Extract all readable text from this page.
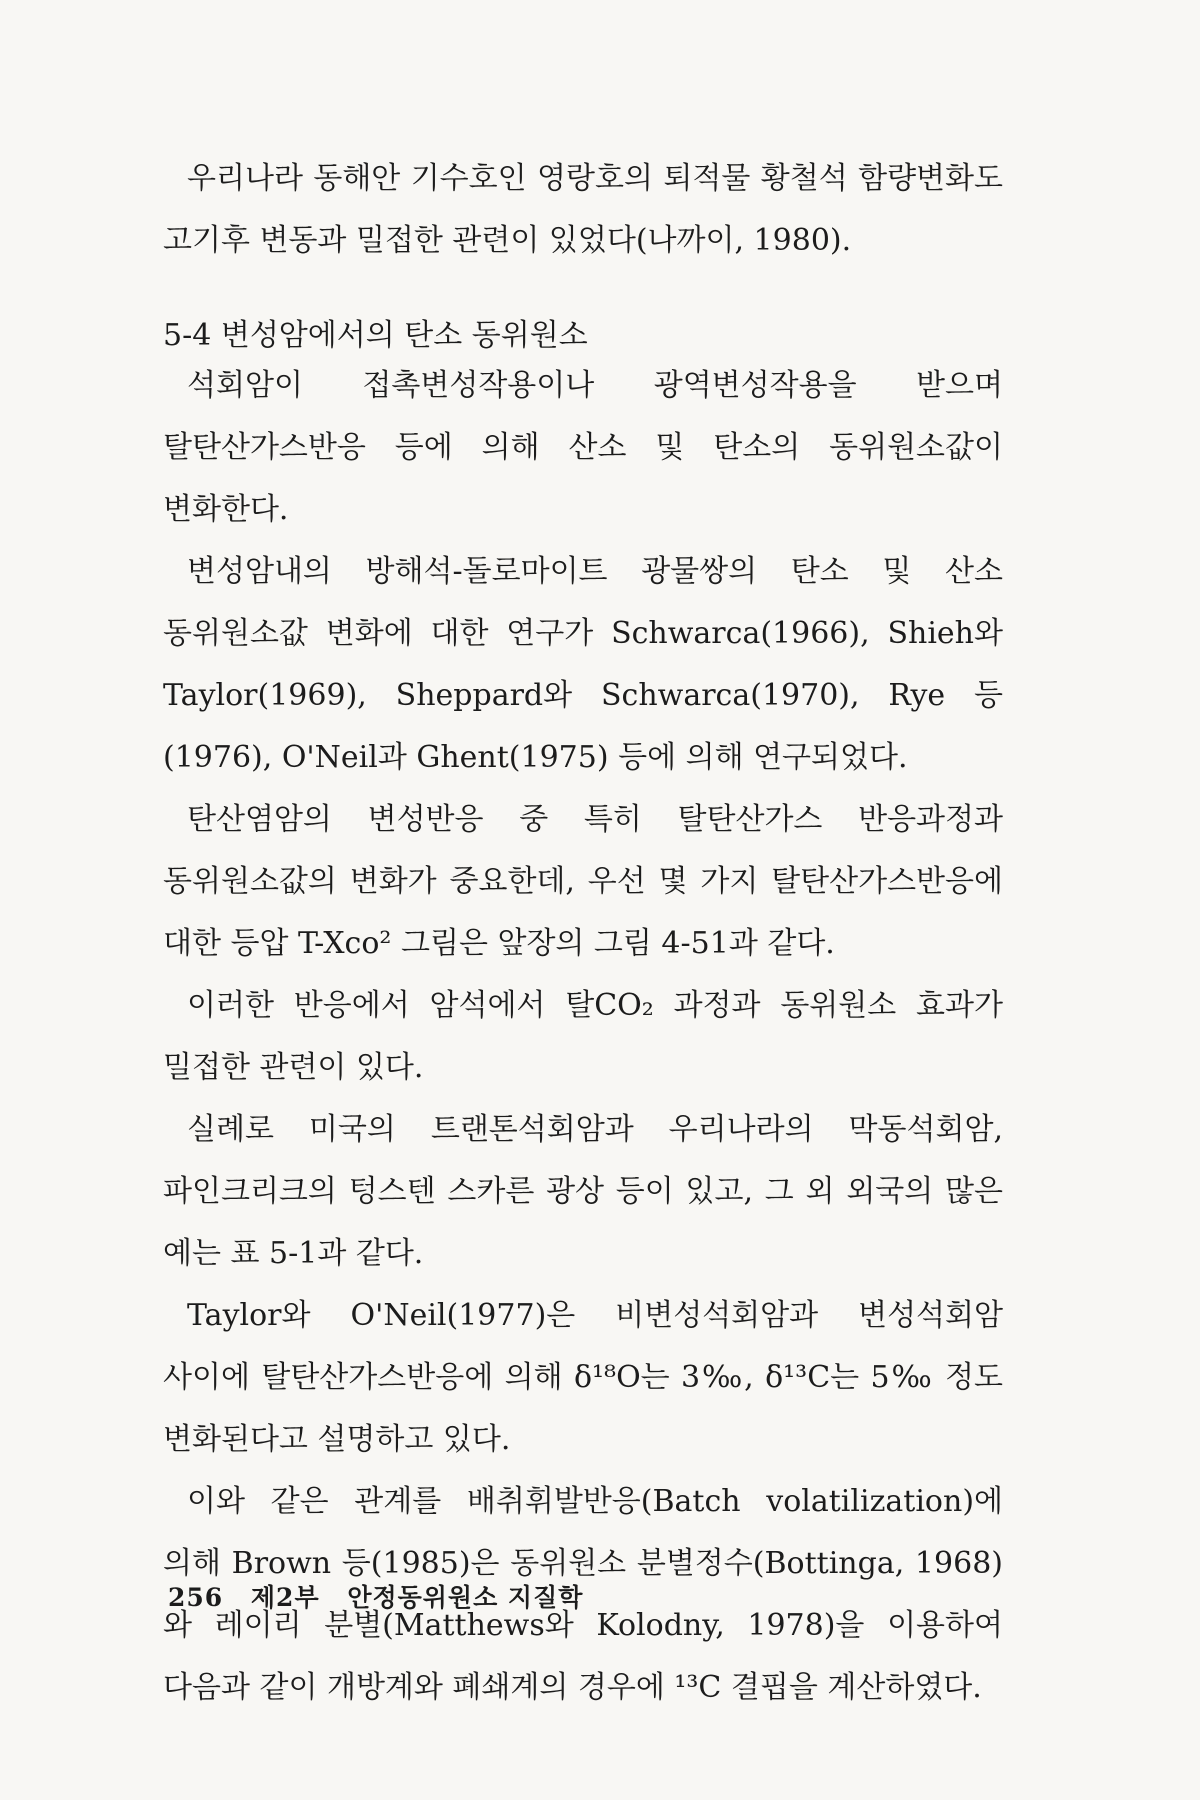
우리나라 동해안 기수호인 영랑호의 퇴적물 황철석 함량변화도 고기후 변동과 밀접한 관련이 있었다(나까이, 1980).

5-4 변성암에서의 탄소 동위원소

석회암이 접촉변성작용이나 광역변성작용을 받으며 탈탄산가스반응 등에 의해 산소 및 탄소의 동위원소값이 변화한다.

변성암내의 방해석-돌로마이트 광물쌍의 탄소 및 산소 동위원소값 변화에 대한 연구가 Schwarca(1966), Shieh와 Taylor(1969), Sheppard와 Schwarca(1970), Rye 등(1976), O'Neil과 Ghent(1975) 등에 의해 연구되었다.

탄산염암의 변성반응 중 특히 탈탄산가스 반응과정과 동위원소값의 변화가 중요한데, 우선 몇 가지 탈탄산가스반응에 대한 등압 T-Xco² 그림은 앞장의 그림 4-51과 같다.

이러한 반응에서 암석에서 탈CO₂ 과정과 동위원소 효과가 밀접한 관련이 있다.

실례로 미국의 트랜톤석회암과 우리나라의 막동석회암, 파인크리크의 텅스텐 스카른 광상 등이 있고, 그 외 외국의 많은 예는 표 5-1과 같다.

Taylor와 O'Neil(1977)은 비변성석회암과 변성석회암 사이에 탈탄산가스반응에 의해 δ¹⁸O는 3‰, δ¹³C는 5‰ 정도 변화된다고 설명하고 있다.

이와 같은 관계를 배취휘발반응(Batch volatilization)에 의해 Brown 등(1985)은 동위원소 분별정수(Bottinga, 1968)와 레이리 분별(Matthews와 Kolodny, 1978)을 이용하여 다음과 같이 개방계와 폐쇄계의 경우에 ¹³C 결핍을 계산하였다.

256 제2부 안정동위원소 지질학
